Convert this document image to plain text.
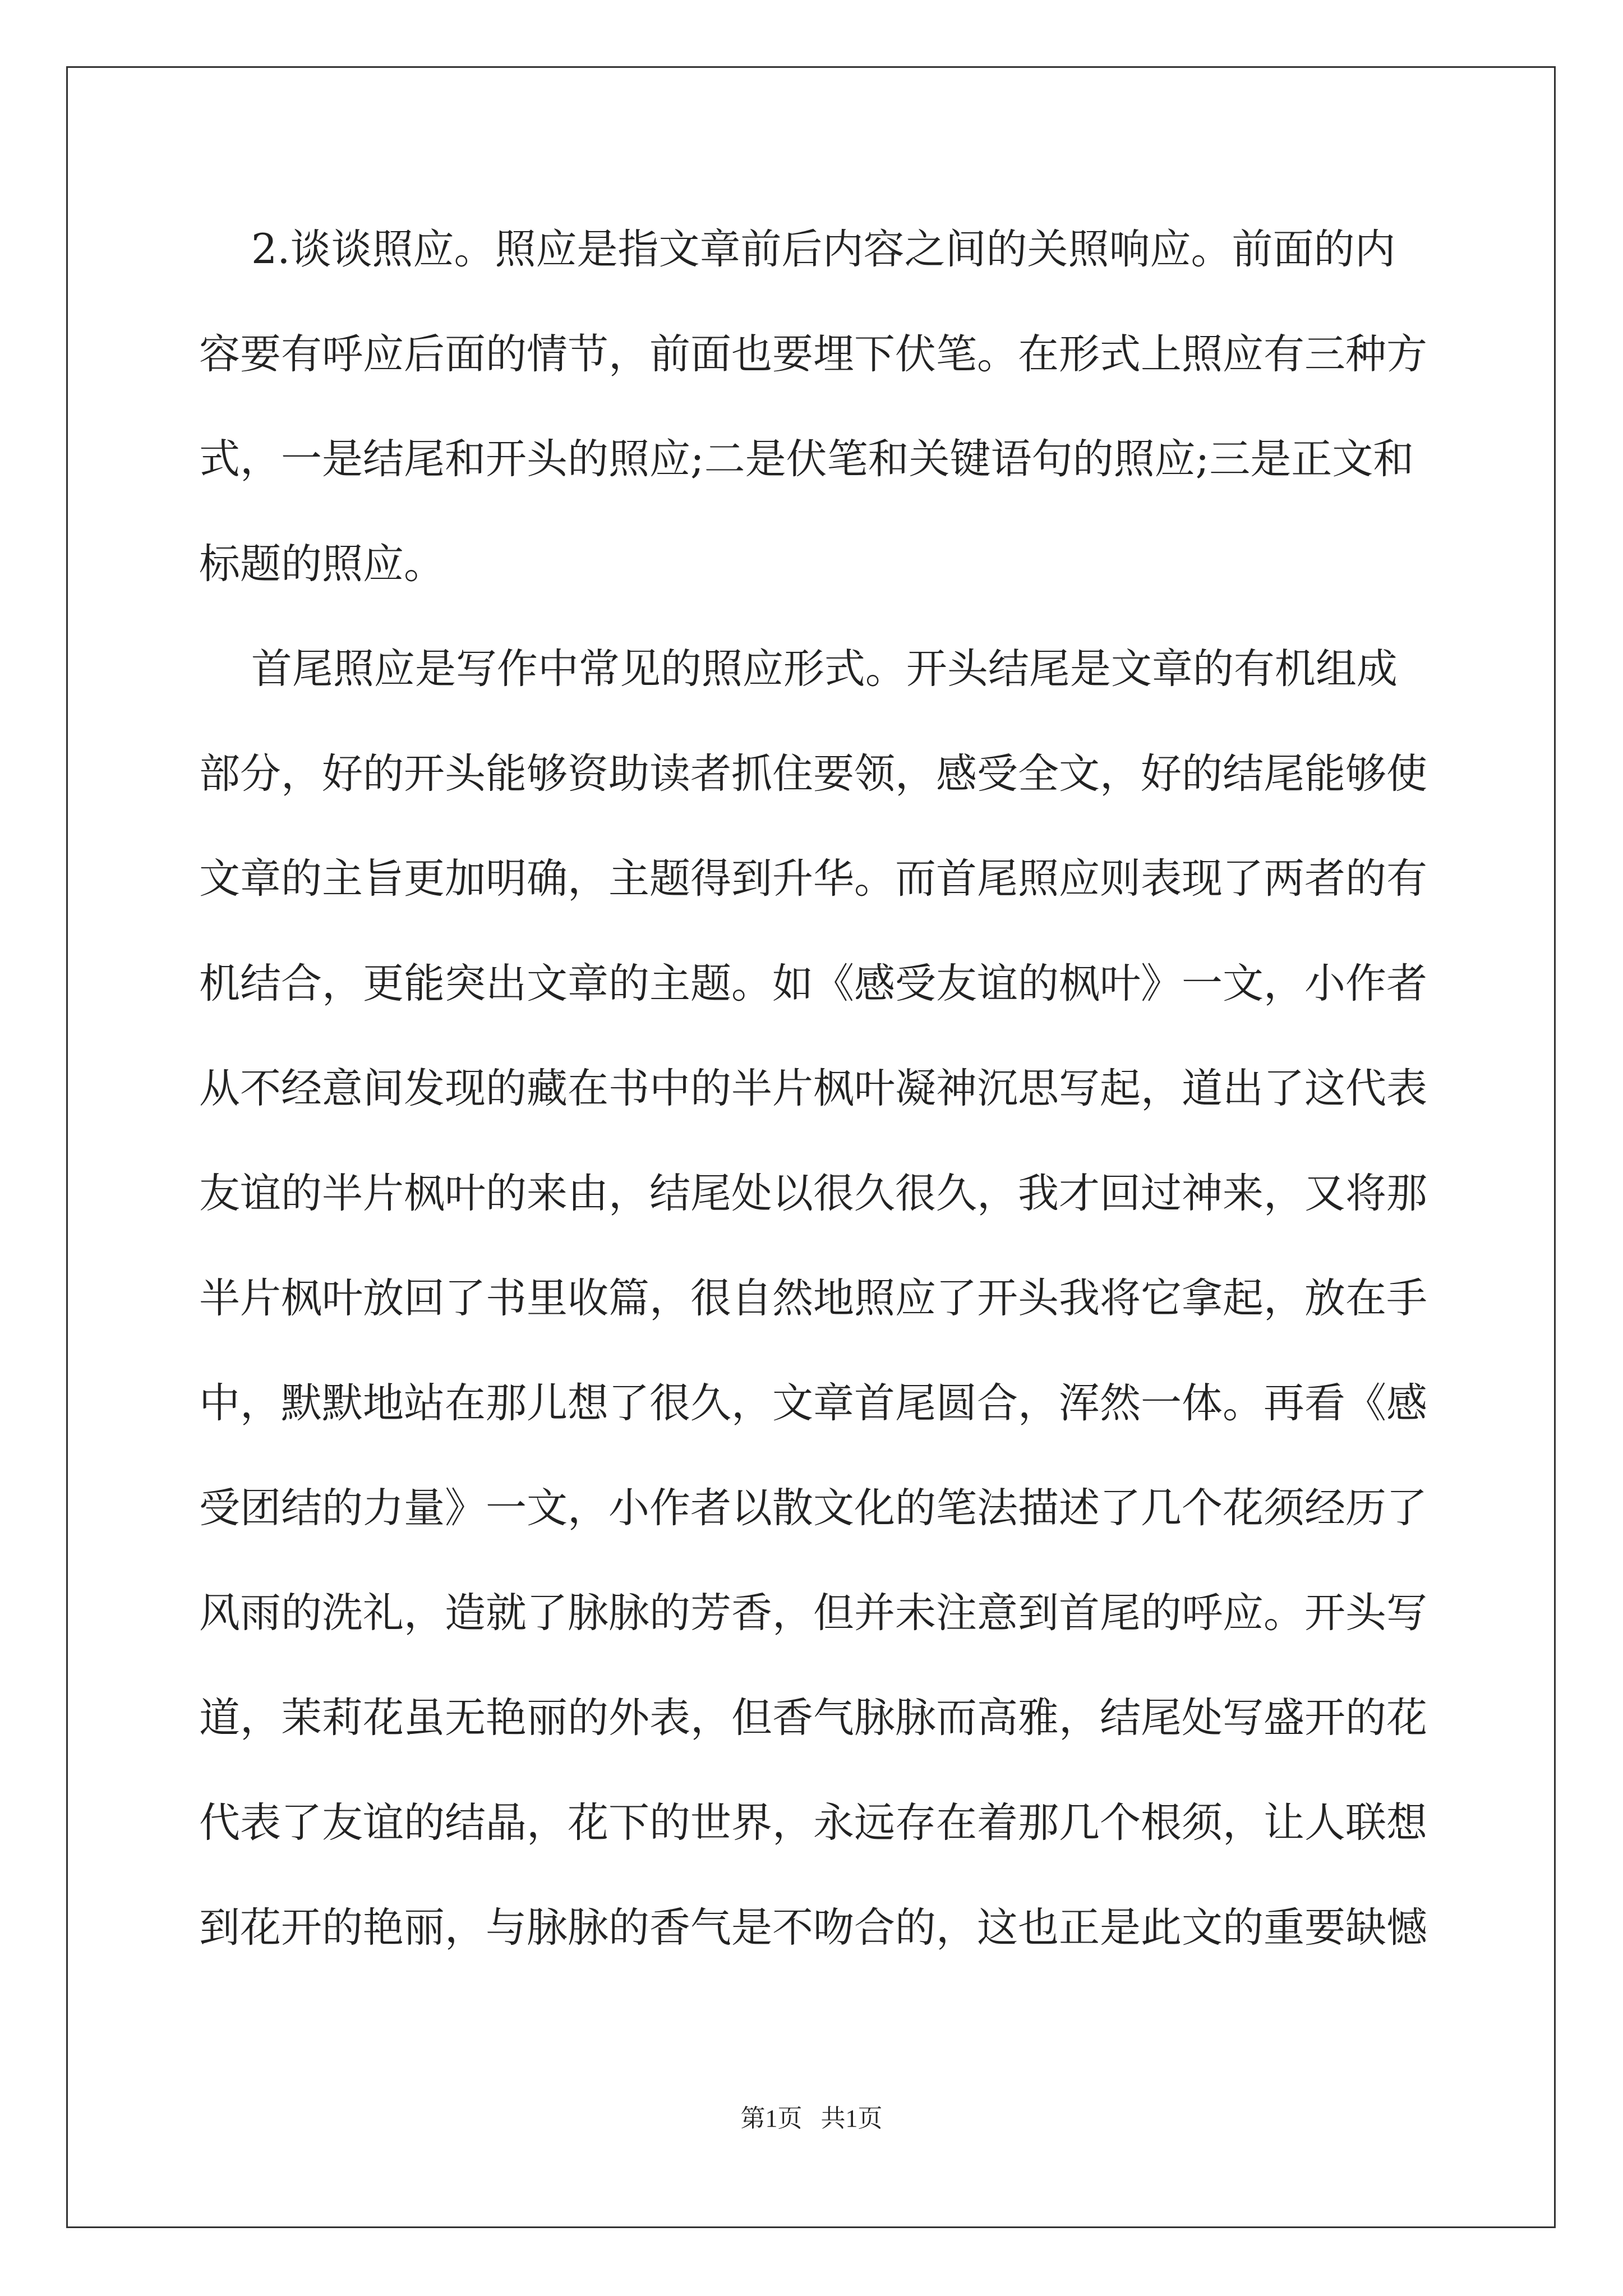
2.谈谈照应。照应是指文章前后内容之间的关照响应。前面的内
容要有呼应后面的情节，前面也要埋下伏笔。在形式上照应有三种方
式，一是结尾和开头的照应;二是伏笔和关键语句的照应;三是正文和
标题的照应。
首尾照应是写作中常见的照应形式。开头结尾是文章的有机组成
部分，好的开头能够资助读者抓住要领，感受全文，好的结尾能够使
文章的主旨更加明确，主题得到升华。而首尾照应则表现了两者的有
机结合，更能突出文章的主题。如《感受友谊的枫叶》一文，小作者
从不经意间发现的藏在书中的半片枫叶凝神沉思写起，道出了这代表
友谊的半片枫叶的来由，结尾处以很久很久，我才回过神来，又将那
半片枫叶放回了书里收篇，很自然地照应了开头我将它拿起，放在手
中，默默地站在那儿想了很久，文章首尾圆合，浑然一体。再看《感
受团结的力量》一文，小作者以散文化的笔法描述了几个花须经历了
风雨的洗礼，造就了脉脉的芳香，但并未注意到首尾的呼应。开头写
道，茉莉花虽无艳丽的外表，但香气脉脉而高雅，结尾处写盛开的花
代表了友谊的结晶，花下的世界，永远存在着那几个根须，让人联想
到花开的艳丽，与脉脉的香气是不吻合的，这也正是此文的重要缺憾
第1页   共1页
